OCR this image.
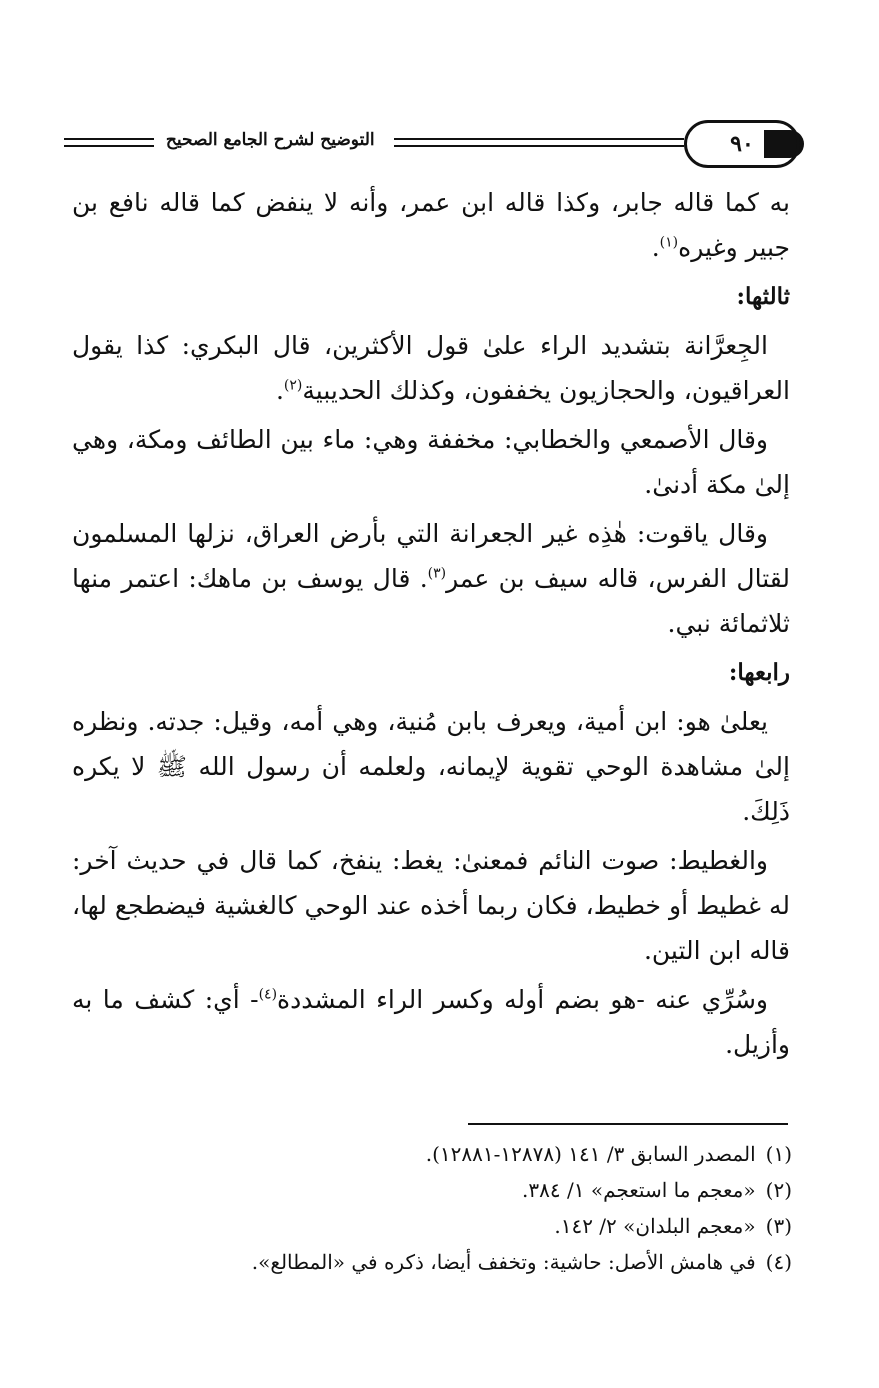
التوضيح لشرح الجامع الصحيح	٩٠

به كما قاله جابر، وكذا قاله ابن عمر، وأنه لا ينفض كما قاله نافع بن جبير وغيره$^{(١)}$.

ثالثها:

الجِعرَّانة بتشديد الراء علىٰ قول الأكثرين، قال البكري: كذا يقول العراقيون، والحجازيون يخففون، وكذلك الحديبية$^{(٢)}$.

وقال الأصمعي والخطابي: مخففة وهي: ماء بين الطائف ومكة، وهي إلىٰ مكة أدنىٰ.

وقال ياقوت: هٰذِه غير الجعرانة التي بأرض العراق، نزلها المسلمون لقتال الفرس، قاله سيف بن عمر$^{(٣)}$. قال يوسف بن ماهك: اعتمر منها ثلاثمائة نبي.

رابعها:

يعلىٰ هو: ابن أمية، ويعرف بابن مُنية، وهي أمه، وقيل: جدته. ونظره إلىٰ مشاهدة الوحي تقوية لإيمانه، ولعلمه أن رسول الله ﷺ لا يكره ذَلِكَ.

والغطيط: صوت النائم فمعنىٰ: يغط: ينفخ، كما قال في حديث آخر: له غطيط أو خطيط، فكان ربما أخذه عند الوحي كالغشية فيضطجع لها، قاله ابن التين.

وسُرِّي عنه -هو بضم أوله وكسر الراء المشددة$^{(٤)}$- أي: كشف ما به وأزيل.

(١)
المصدر السابق ٣/ ١٤١ (١٢٨٧٨-١٢٨٨١).
(٢)
«معجم ما استعجم» ١/ ٣٨٤.
(٣)
«معجم البلدان» ٢/ ١٤٢.
(٤)
في هامش الأصل: حاشية: وتخفف أيضا، ذكره في «المطالع».
